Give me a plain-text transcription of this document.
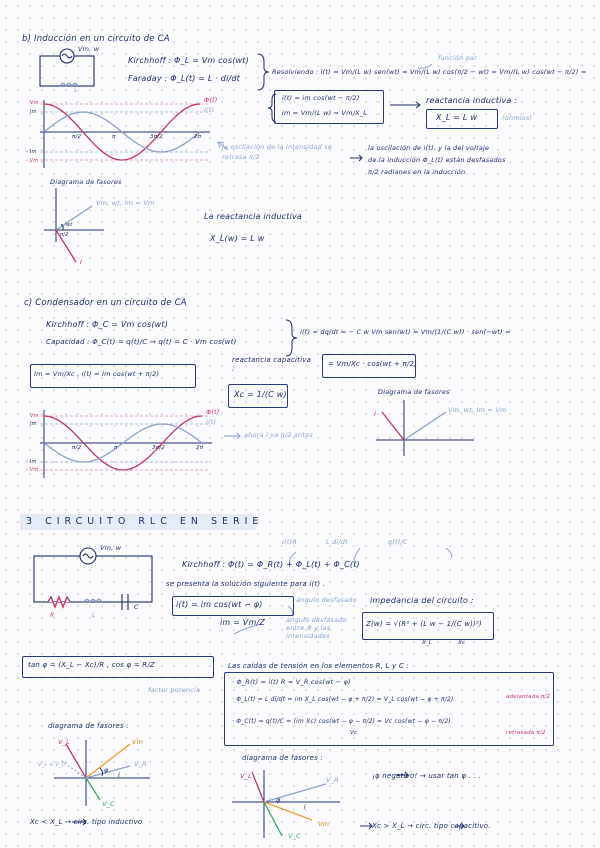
b) Inducción en un circuito de CA
Vm, w
L
Kirchhoff : Φ_L = Vm cos(wt)
Faraday : Φ_L(t) = L · di/dt
Resolviendo : i(t) = Vm/(L w) sen(wt) = Vm/(L w) cos(π/2 − wt) = Vm/(L w) cos(wt − π/2) =
función par
i(t) = im cos(wt − π/2)
im = Vm/(L w) = Vm/X_L
reactancia inductiva :
X_L = L w	(ohmios)
Vm
Im
- Im
- Vm
π/2	π	3π/2	2π
Φ(t)
i(t)
la oscilación de la intensidad se retrasa π/2
la oscilación de i(t), y la del voltaje
de la inducción Φ_L(t) están desfasados
π/2 radianes en la inducción.
Diagrama de fasores
Vm, wt, Im = Vm
wt
π/2
I
La reactancia inductiva
X_L(w) = L w
c) Condensador en un circuito de CA
Kirchhoff : Φ_C = Vm cos(wt)
Capacidad : Φ_C(t) = q(t)/C → q(t) = C · Vm cos(wt)
i(t) = dq/dt = − C w Vm sen(wt) = Vm/(1/(C w)) · sen(−wt) =
reactancia capacitiva :
= Vm/Xc · cos(wt + π/2)
Im = Vm/Xc , i(t) = Im cos(wt + π/2)
Xc = 1/(C w)	Diagrama de fasores
I	Vm, wt, Im = Vm
Vm
Im
- Im
- Vm
π/2	π	3π/2	2π
Φ(t)
i(t)
ahora i va π/2 antes
3 CIRCUITO RLC EN SERIE
Vm, w
R	L
C
i(t)R	L di/dt	q(t)/C
Kirchhoff : Φ(t) = Φ_R(t) + Φ_L(t) + Φ_C(t)
se presenta la solución siguiente para i(t) .
i(t) = im cos(wt − φ)	ángulo desfasado
im = Vm/Z	ángulo desfasado entre Φ y las intensidades
impedancia del circuito :
Z(w) = √(R² + (L w − 1/(C w))²)
X_L	Xc
tan φ = (X_L − Xc)/R , cos φ = R/Z
factor potencia
Las caídas de tensión en los elementos R, L y C :
· Φ_R(t) = i(t) R = V_R cos(wt − φ)
· Φ_L(t) = L di/dt = im X_L cos(wt − φ + π/2) = V_L cos(wt − φ + π/2)	adelantada π/2
· Φ_C(t) = q(t)/C = (im Xc) cos(wt − φ − π/2) = Vc cos(wt − φ − π/2)
retrasada π/2
Vc
diagrama de fasores :
V_L
V_L + V_C
Vm
V_R
V_C
φ
I
Xc < X_L → circ. tipo inductivo
diagrama de fasores :
V_L	V_R
Vm
V_C
φ
I
¡φ negativo! → usar tan φ . . .
Xc > X_L → circ. tipo capacitivo.
